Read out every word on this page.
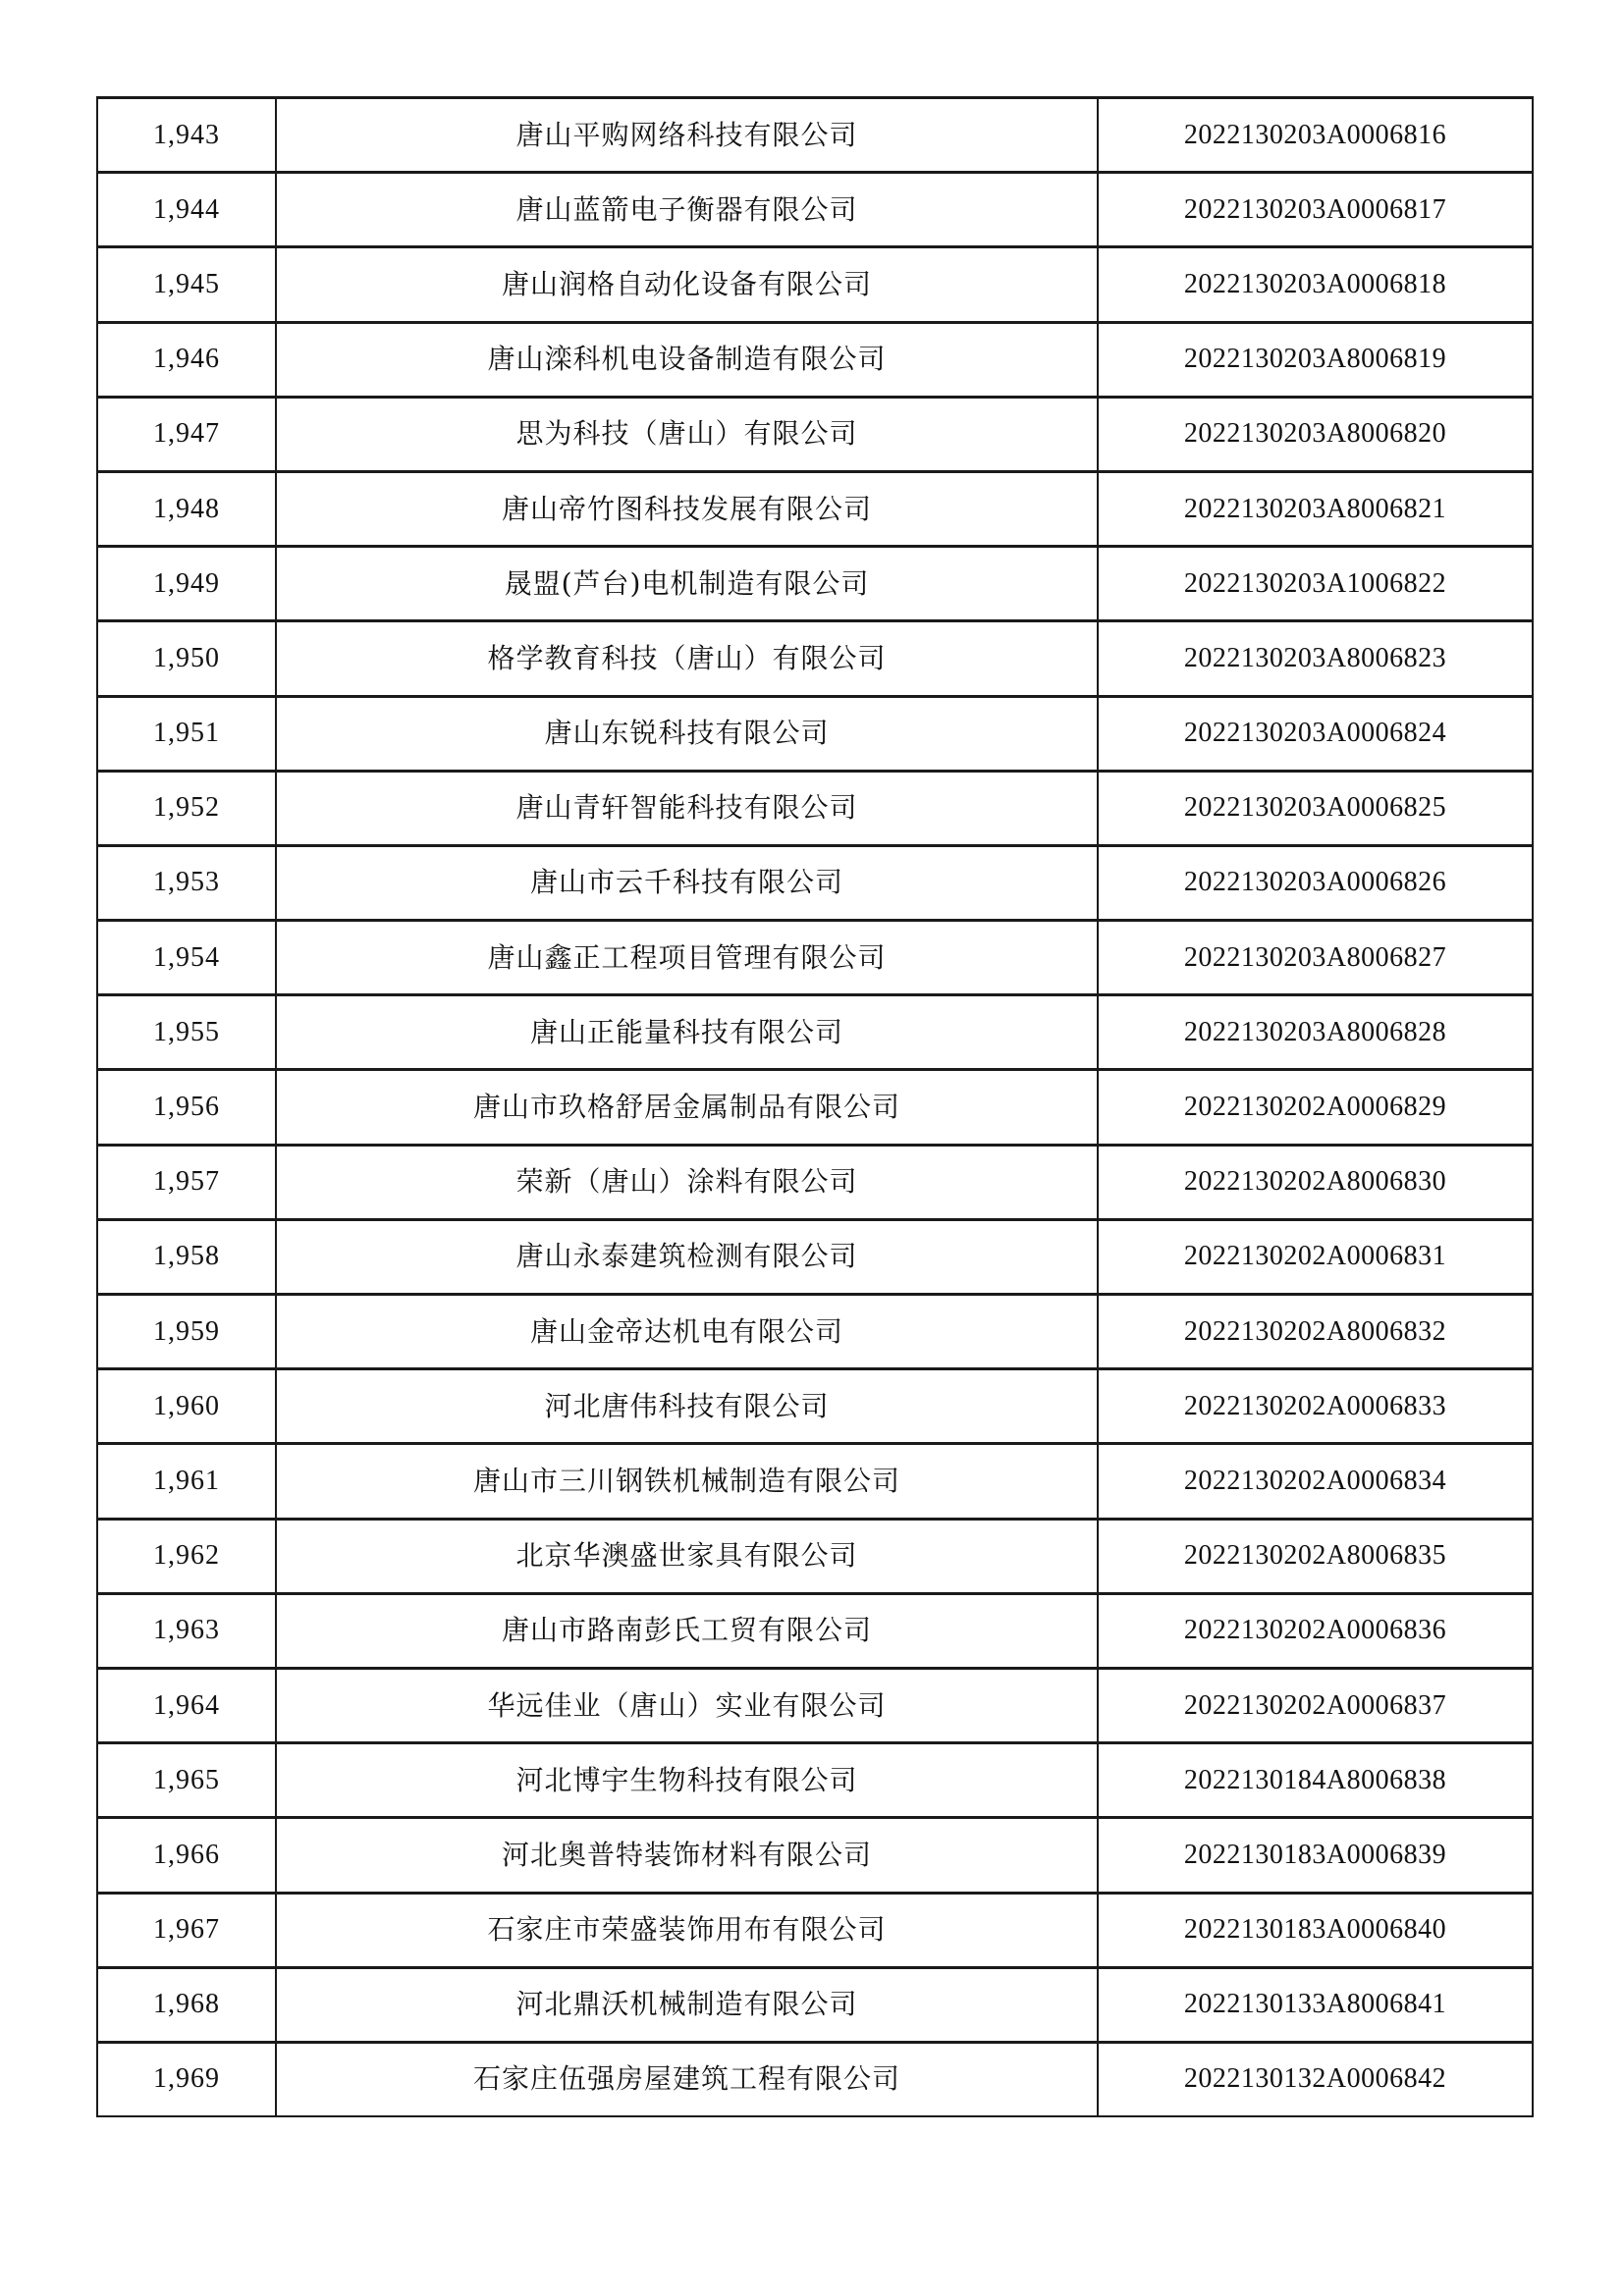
1,943	唐山平购网络科技有限公司	2022130203A0006816
1,944	唐山蓝箭电子衡器有限公司	2022130203A0006817
1,945	唐山润格自动化设备有限公司	2022130203A0006818
1,946	唐山滦科机电设备制造有限公司	2022130203A8006819
1,947	思为科技（唐山）有限公司	2022130203A8006820
1,948	唐山帝竹图科技发展有限公司	2022130203A8006821
1,949	晟盟(芦台)电机制造有限公司	2022130203A1006822
1,950	格学教育科技（唐山）有限公司	2022130203A8006823
1,951	唐山东锐科技有限公司	2022130203A0006824
1,952	唐山青轩智能科技有限公司	2022130203A0006825
1,953	唐山市云千科技有限公司	2022130203A0006826
1,954	唐山鑫正工程项目管理有限公司	2022130203A8006827
1,955	唐山正能量科技有限公司	2022130203A8006828
1,956	唐山市玖格舒居金属制品有限公司	2022130202A0006829
1,957	荣新（唐山）涂料有限公司	2022130202A8006830
1,958	唐山永泰建筑检测有限公司	2022130202A0006831
1,959	唐山金帝达机电有限公司	2022130202A8006832
1,960	河北唐伟科技有限公司	2022130202A0006833
1,961	唐山市三川钢铁机械制造有限公司	2022130202A0006834
1,962	北京华澳盛世家具有限公司	2022130202A8006835
1,963	唐山市路南彭氏工贸有限公司	2022130202A0006836
1,964	华远佳业（唐山）实业有限公司	2022130202A0006837
1,965	河北博宇生物科技有限公司	2022130184A8006838
1,966	河北奥普特装饰材料有限公司	2022130183A0006839
1,967	石家庄市荣盛装饰用布有限公司	2022130183A0006840
1,968	河北鼎沃机械制造有限公司	2022130133A8006841
1,969	石家庄伍强房屋建筑工程有限公司	2022130132A0006842
